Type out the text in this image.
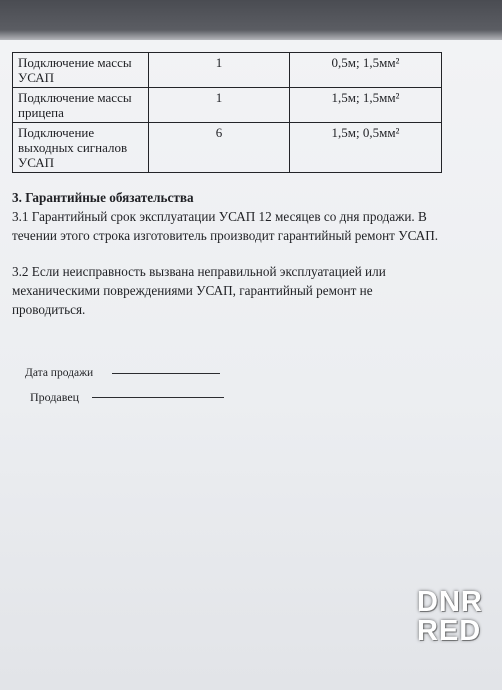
Подключение массы УСАП	1	0,5м; 1,5мм²
Подключение массы прицепа	1	1,5м; 1,5мм²
Подключение выходных сигналов УСАП	6	1,5м; 0,5мм²
3. Гарантийные обязательства
3.1 Гарантийный срок эксплуатации УСАП 12 месяцев со дня продажи. В течении этого строка изготовитель производит гарантийный ремонт УСАП.
3.2 Если неисправность вызвана неправильной эксплуатацией или механическими повреждениями УСАП, гарантийный ремонт не проводиться.
Дата продажи
Продавец
DNR
RED
